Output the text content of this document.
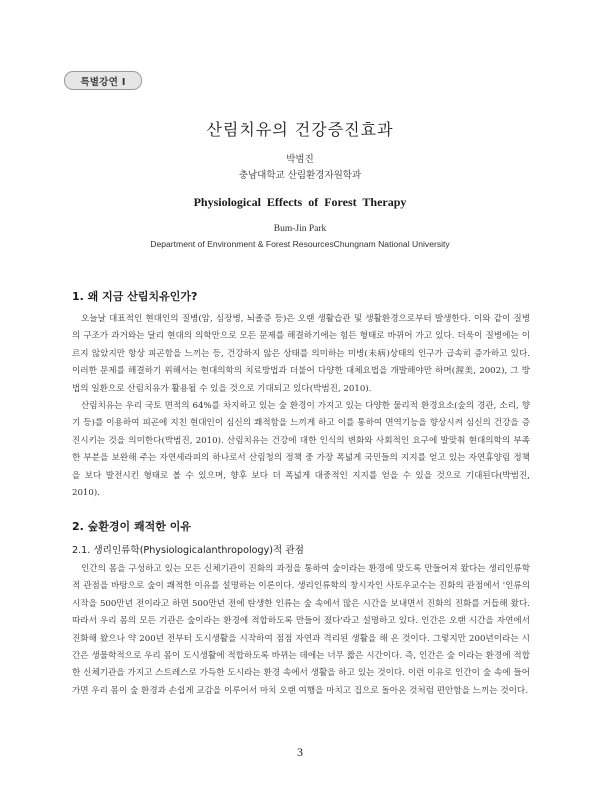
특별강연 I
산림치유의 건강증진효과
박범진
충남대학교 산림환경자원학과
Physiological Effects of Forest Therapy
Bum-Jin Park
Department of Environment & Forest ResourcesChungnam National University
1. 왜 지금 산림치유인가?

오늘날 대표적인 현대인의 질병(암, 심장병, 뇌졸증 등)은 오랜 생활습관 및 생활환경으로부터 발생한다. 이와 같이 질병의 구조가 과거와는 달리 현대의 의학만으로 모든 문제를 해결하기에는 힘든 형태로 바뀌어 가고 있다. 더욱이 질병에는 이르지 않았지만 항상 피곤함을 느끼는 등, 건강하지 않은 상태를 의미하는 미병(未病)상태의 인구가 급속히 증가하고 있다. 이러한 문제를 해결하기 위해서는 현대의학의 치료방법과 더불어 다양한 대체요법을 개발해야만 하며(渥美, 2002), 그 방법의 일환으로 산림치유가 활용될 수 있을 것으로 기대되고 있다(박범진, 2010).

산림치유는 우리 국토 면적의 64%를 차지하고 있는 숲 환경이 가지고 있는 다양한 물리적 환경요소(숲의 경관, 소리, 향기 등)를 이용하여 피곤에 지친 현대인이 심신의 쾌적함을 느끼게 하고 이를 통하여 면역기능을 향상시켜 심신의 건강을 증진시키는 것을 의미한다(박범진, 2010). 산림치유는 건강에 대한 인식의 변화와 사회적인 요구에 발맞춰 현대의학의 부족한 부분을 보완해 주는 자연세라피의 하나로서 산림청의 정책 중 가장 폭넓게 국민들의 지지를 얻고 있는 자연휴양림 정책을 보다 발전시킨 형태로 볼 수 있으며, 향후 보다 더 폭넓게 대중적인 지지를 얻을 수 있을 것으로 기대된다(박범진, 2010).

2. 숲환경이 쾌적한 이유
2.1. 생리인류학(Physiologicalanthropology)적 관점

인간의 몸을 구성하고 있는 모든 신체기관이 진화의 과정을 통하여 숲이라는 환경에 맞도록 만들어져 왔다는 생리인류학적 관점을 바탕으로 숲이 쾌적한 이유를 설명하는 이론이다. 생리인류학의 창시자인 사토우교수는 진화의 관점에서 '인류의 시작을 500만년 전이라고 하면 500만년 전에 탄생한 인류는 숲 속에서 많은 시간을 보내면서 진화의 진화를 거듭해 왔다. 따라서 우리 몸의 모든 기관은 숲이라는 환경에 적합하도록 만들어 졌다'라고 설명하고 있다. 인간은 오랜 시간을 자연에서 진화해 왔으나 약 200년 전부터 도시생활을 시작하여 점점 자연과 격리된 생활을 해 온 것이다. 그렇지만 200년이라는 시간은 생물학적으로 우리 몸이 도시생활에 적합하도록 바뀌는 데에는 너무 짧은 시간이다. 즉, 인간은 숲 이라는 환경에 적합한 신체기관을 가지고 스트레스로 가득한 도시라는 환경 속에서 생활을 하고 있는 것이다. 이런 이유로 인간이 숲 속에 들어가면 우리 몸이 숲 환경과 손쉽게 교감을 이루어서 마치 오랜 여행을 마치고 집으로 돌아온 것처럼 편안함을 느끼는 것이다.

3
